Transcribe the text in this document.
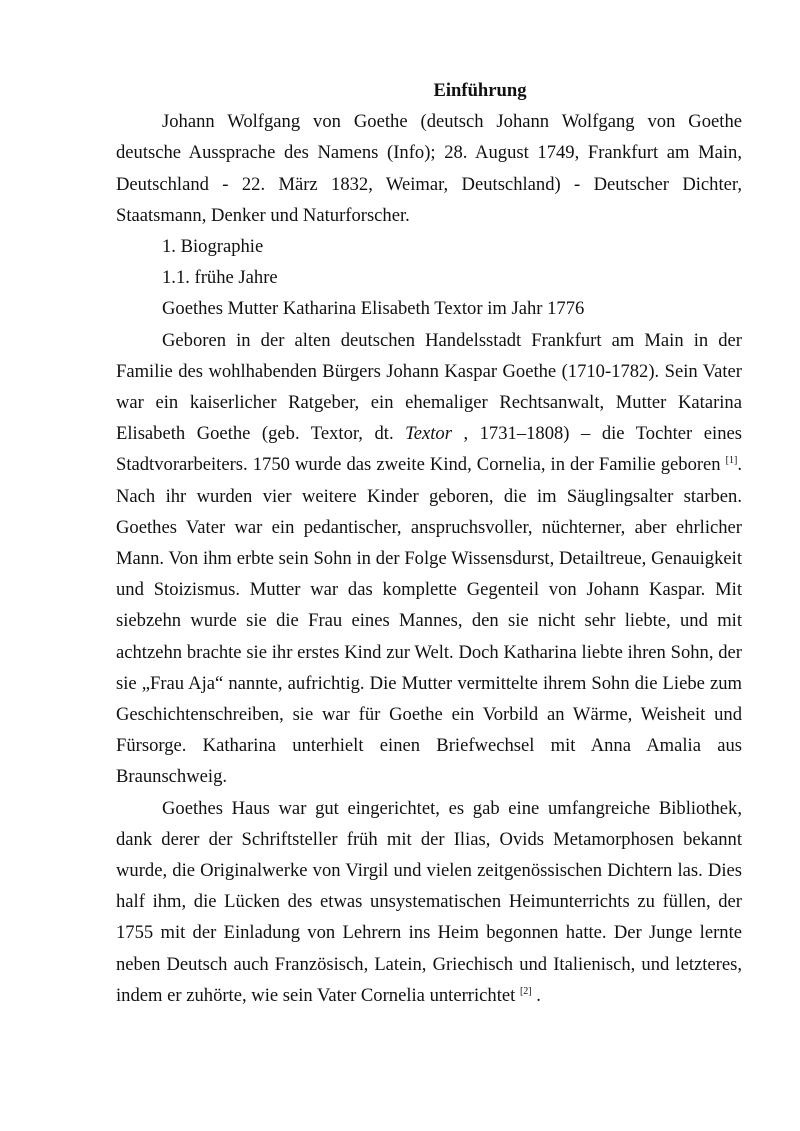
Einführung

Johann Wolfgang von Goethe (deutsch Johann Wolfgang von Goethe deutsche Aussprache des Namens (Info); 28. August 1749, Frankfurt am Main, Deutschland - 22. März 1832, Weimar, Deutschland) - Deutscher Dichter, Staatsmann, Denker und Naturforscher.

1. Biographie

1.1. frühe Jahre

Goethes Mutter Katharina Elisabeth Textor im Jahr 1776

Geboren in der alten deutschen Handelsstadt Frankfurt am Main in der Familie des wohlhabenden Bürgers Johann Kaspar Goethe (1710-1782). Sein Vater war ein kaiserlicher Ratgeber, ein ehemaliger Rechtsanwalt, Mutter Katarina Elisabeth Goethe (geb. Textor, dt. Textor , 1731–1808) – die Tochter eines Stadtvorarbeiters. 1750 wurde das zweite Kind, Cornelia, in der Familie geboren [1]. Nach ihr wurden vier weitere Kinder geboren, die im Säuglingsalter starben. Goethes Vater war ein pedantischer, anspruchsvoller, nüchterner, aber ehrlicher Mann. Von ihm erbte sein Sohn in der Folge Wissensdurst, Detailtreue, Genauigkeit und Stoizismus. Mutter war das komplette Gegenteil von Johann Kaspar. Mit siebzehn wurde sie die Frau eines Mannes, den sie nicht sehr liebte, und mit achtzehn brachte sie ihr erstes Kind zur Welt. Doch Katharina liebte ihren Sohn, der sie „Frau Aja“ nannte, aufrichtig. Die Mutter vermittelte ihrem Sohn die Liebe zum Geschichtenschreiben, sie war für Goethe ein Vorbild an Wärme, Weisheit und Fürsorge. Katharina unterhielt einen Briefwechsel mit Anna Amalia aus Braunschweig.

Goethes Haus war gut eingerichtet, es gab eine umfangreiche Bibliothek, dank derer der Schriftsteller früh mit der Ilias, Ovids Metamorphosen bekannt wurde, die Originalwerke von Virgil und vielen zeitgenössischen Dichtern las. Dies half ihm, die Lücken des etwas unsystematischen Heimunterrichts zu füllen, der 1755 mit der Einladung von Lehrern ins Heim begonnen hatte. Der Junge lernte neben Deutsch auch Französisch, Latein, Griechisch und Italienisch, und letzteres, indem er zuhörte, wie sein Vater Cornelia unterrichtet [2] .
